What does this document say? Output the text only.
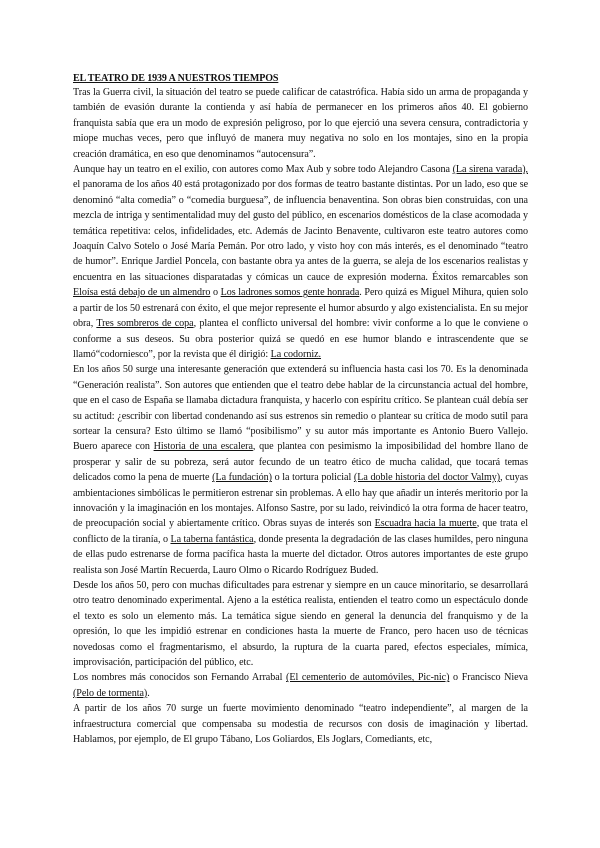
EL TEATRO DE 1939 A NUESTROS TIEMPOS

Tras la Guerra civil, la situación del teatro se puede calificar de catastrófica. Había sido un arma de propaganda y también de evasión durante la contienda y así había de permanecer en los primeros años 40. El gobierno franquista sabía que era un modo de expresión peligroso, por lo que ejerció una severa censura, contradictoria y miope muchas veces, pero que influyó de manera muy negativa no solo en los montajes, sino en la propia creación dramática, en eso que denominamos “autocensura”.

Aunque hay un teatro en el exilio, con autores como Max Aub y sobre todo Alejandro Casona (La sirena varada), el panorama de los años 40 está protagonizado por dos formas de teatro bastante distintas. Por un lado, eso que se denominó “alta comedia” o “comedia burguesa”, de influencia benaventina. Son obras bien construidas, con una mezcla de intriga y sentimentalidad muy del gusto del público, en escenarios domésticos de la clase acomodada y temática repetitiva: celos, infidelidades, etc. Además de Jacinto Benavente, cultivaron este teatro autores como Joaquín Calvo Sotelo o José María Pemán. Por otro lado, y visto hoy con más interés, es el denominado “teatro de humor”. Enrique Jardiel Poncela, con bastante obra ya antes de la guerra, se aleja de los escenarios realistas y encuentra en las situaciones disparatadas y cómicas un cauce de expresión moderna. Éxitos remarcables son Eloísa está debajo de un almendro o Los ladrones somos gente honrada. Pero quizá es Miguel Mihura, quien solo a partir de los 50 estrenará con éxito, el que mejor represente el humor absurdo y algo existencialista. En su mejor obra, Tres sombreros de copa, plantea el conflicto universal del hombre: vivir conforme a lo que le conviene o conforme a sus deseos. Su obra posterior quizá se quedó en ese humor blando e intrascendente que se llamó“codorniesco”, por la revista que él dirigió: La codorniz.

En los años 50 surge una interesante generación que extenderá su influencia hasta casi los 70. Es la denominada “Generación realista”. Son autores que entienden que el teatro debe hablar de la circunstancia actual del hombre, que en el caso de España se llamaba dictadura franquista, y hacerlo con espíritu crítico. Se plantean cuál debía ser su actitud: ¿escribir con libertad condenando así sus estrenos sin remedio o plantear su crítica de modo sutil para sortear la censura? Esto último se llamó “posibilismo” y su autor más importante es Antonio Buero Vallejo. Buero aparece con Historia de una escalera, que plantea con pesimismo la imposibilidad del hombre llano de prosperar y salir de su pobreza, será autor fecundo de un teatro ético de mucha calidad, que tocará temas delicados como la pena de muerte (La fundación) o la tortura policial (La doble historia del doctor Valmy), cuyas ambientaciones simbólicas le permitieron estrenar sin problemas. A ello hay que añadir un interés meritorio por la innovación y la imaginación en los montajes. Alfonso Sastre, por su lado, reivindicó la otra forma de hacer teatro, de preocupación social y abiertamente crítico. Obras suyas de interés son Escuadra hacia la muerte, que trata el conflicto de la tiranía, o La taberna fantástica, donde presenta la degradación de las clases humildes, pero ninguna de ellas pudo estrenarse de forma pacífica hasta la muerte del dictador. Otros autores importantes de este grupo realista son José Martín Recuerda, Lauro Olmo o Ricardo Rodríguez Buded.

Desde los años 50, pero con muchas dificultades para estrenar y siempre en un cauce minoritario, se desarrollará otro teatro denominado experimental. Ajeno a la estética realista, entienden el teatro como un espectáculo donde el texto es solo un elemento más. La temática sigue siendo en general la denuncia del franquismo y de la opresión, lo que les impidió estrenar en condiciones hasta la muerte de Franco, pero hacen uso de técnicas novedosas como el fragmentarismo, el absurdo, la ruptura de la cuarta pared, efectos especiales, mímica, improvisación, participación del público, etc.

Los nombres más conocidos son Fernando Arrabal (El cementerio de automóviles, Pic-nic) o Francisco Nieva (Pelo de tormenta).

A partir de los años 70 surge un fuerte movimiento denominado “teatro independiente”, al margen de la infraestructura comercial que compensaba su modestia de recursos con dosis de imaginación y libertad. Hablamos, por ejemplo, de El grupo Tábano, Los Goliardos, Els Joglars, Comediants, etc,
